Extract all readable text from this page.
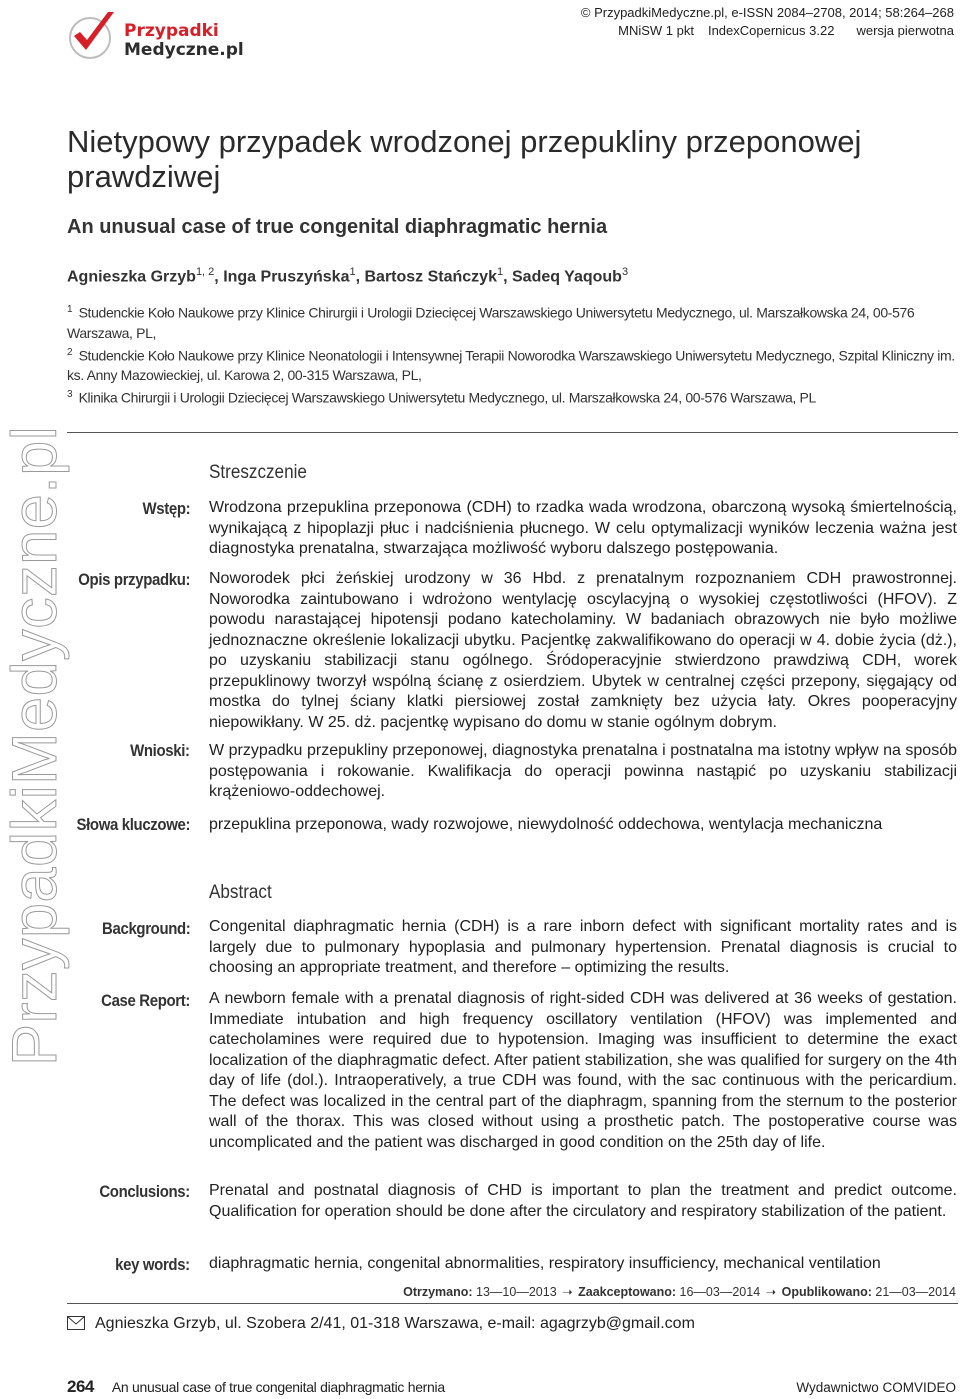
Przypadki
Medyczne.pl
© PrzypadkiMedyczne.pl, e-ISSN 2084–2708, 2014; 58:264–268
MNiSW 1 pkt IndexCopernicus 3.22 wersja pierwotna
Nietypowy przypadek wrodzonej przepukliny przeponowej prawdziwej
An unusual case of true congenital diaphragmatic hernia
Agnieszka Grzyb$^{1, 2}$, Inga Pruszyńska$^1$, Bartosz Stańczyk$^1$, Sadeq Yaqoub$^3$

$^1$ Studenckie Koło Naukowe przy Klinice Chirurgii i Urologii Dziecięcej Warszawskiego Uniwersytetu Medycznego, ul. Marszałkowska 24, 00-576 Warszawa, PL,

$^2$ Studenckie Koło Naukowe przy Klinice Neonatologii i Intensywnej Terapii Noworodka Warszawskiego Uniwersytetu Medycznego, Szpital Kliniczny im. ks. Anny Mazowieckiej, ul. Karowa 2, 00-315 Warszawa, PL,

$^3$ Klinika Chirurgii i Urologii Dziecięcej Warszawskiego Uniwersytetu Medycznego, ul. Marszałkowska 24, 00-576 Warszawa, PL

PrzypadkiMedyczne.pl	Streszczenie
Wstęp: Wrodzona przepuklina przeponowa (CDH) to rzadka wada wrodzona, obarczoną wysoką śmiertelnością, wynikającą z hipoplazji płuc i nadciśnienia płucnego. W celu optymalizacji wyników leczenia ważna jest diagnostyka prenatalna, stwarzająca możliwość wyboru dalszego postępowania.

Opis przypadku: Noworodek płci żeńskiej urodzony w 36 Hbd. z prenatalnym rozpoznaniem CDH prawostronnej. Noworodka zaintubowano i wdrożono wentylację oscylacyjną o wysokiej częstotliwości (HFOV). Z powodu narastającej hipotensji podano katecholaminy. W badaniach obrazowych nie było możliwe jednoznaczne określenie lokalizacji ubytku. Pacjentkę zakwalifikowano do operacji w 4. dobie życia (dż.), po uzyskaniu stabilizacji stanu ogólnego. Śródoperacyjnie stwierdzono prawdziwą CDH, worek przepuklinowy tworzył wspólną ścianę z osierdziem. Ubytek w centralnej części przepony, sięgający od mostka do tylnej ściany klatki piersiowej został zamknięty bez użycia łaty. Okres pooperacyjny niepowikłany. W 25. dż. pacjentkę wypisano do domu w stanie ogólnym dobrym.

Wnioski: W przypadku przepukliny przeponowej, diagnostyka prenatalna i postnatalna ma istotny wpływ na sposób postępowania i rokowanie. Kwalifikacja do operacji powinna nastąpić po uzyskaniu stabilizacji krążeniowo-oddechowej.

Słowa kluczowe: przepuklina przeponowa, wady rozwojowe, niewydolność oddechowa, wentylacja mechaniczna

Abstract
Background: Congenital diaphragmatic hernia (CDH) is a rare inborn defect with significant mortality rates and is largely due to pulmonary hypoplasia and pulmonary hypertension. Prenatal diagnosis is crucial to choosing an appropriate treatment, and therefore – optimizing the results.

Case Report: A newborn female with a prenatal diagnosis of right-sided CDH was delivered at 36 weeks of gestation. Immediate intubation and high frequency oscillatory ventilation (HFOV) was implemented and catecholamines were required due to hypotension. Imaging was insufficient to determine the exact localization of the diaphragmatic defect. After patient stabilization, she was qualified for surgery on the 4th day of life (dol.). Intraoperatively, a true CDH was found, with the sac continuous with the pericardium. The defect was localized in the central part of the diaphragm, spanning from the sternum to the posterior wall of the thorax. This was closed without using a prosthetic patch. The postoperative course was uncomplicated and the patient was discharged in good condition on the 25th day of life.

Conclusions: Prenatal and postnatal diagnosis of CHD is important to plan the treatment and predict outcome. Qualification for operation should be done after the circulatory and respiratory stabilization of the patient.

key words: diaphragmatic hernia, congenital abnormalities, respiratory insufficiency, mechanical ventilation

Otrzymano: 13—10—2013 ➝ Zaakceptowano: 16—03—2014 ➝ Opublikowano: 21—03—2014
Agnieszka Grzyb, ul. Szobera 2/41, 01-318 Warszawa, e-mail: agagrzyb@gmail.com
264 An unusual case of true congenital diaphragmatic hernia	Wydawnictwo COMVIDEO
